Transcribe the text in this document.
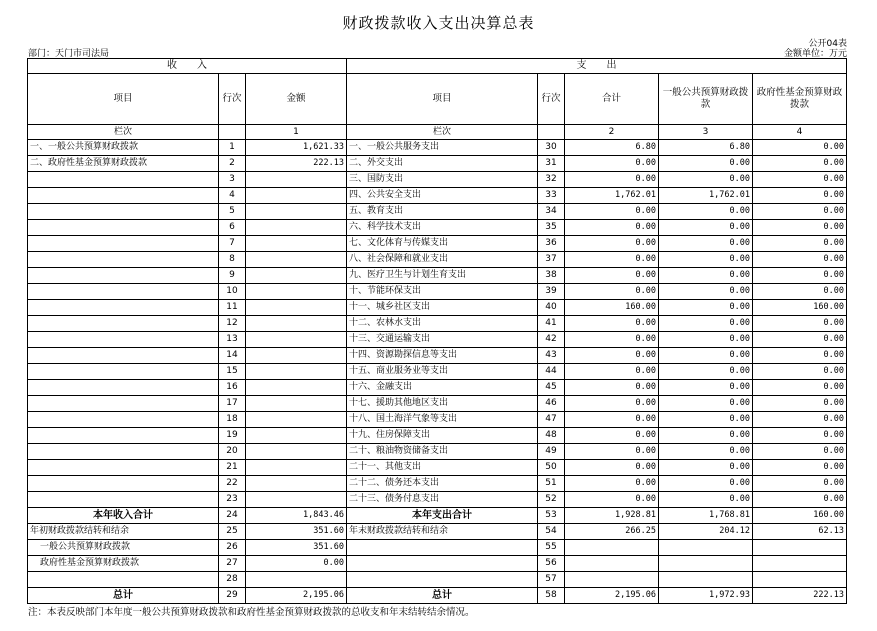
财政拨款收入支出决算总表
公开04表
部门：天门市司法局	金额单位：万元
收　　入			支　　出				
项目	行次	金额	项目	行次	合计	一般公共预算财政拨款	政府性基金预算财政拨款
栏次		1	栏次		2	3	4
一、一般公共预算财政拨款	1	1,621.33	一、一般公共服务支出	30	6.80	6.80	0.00
二、政府性基金预算财政拨款	2	222.13	二、外交支出	31	0.00	0.00	0.00
	3		三、国防支出	32	0.00	0.00	0.00
	4		四、公共安全支出	33	1,762.01	1,762.01	0.00
	5		五、教育支出	34	0.00	0.00	0.00
	6		六、科学技术支出	35	0.00	0.00	0.00
	7		七、文化体育与传媒支出	36	0.00	0.00	0.00
	8		八、社会保障和就业支出	37	0.00	0.00	0.00
	9		九、医疗卫生与计划生育支出	38	0.00	0.00	0.00
	10		十、节能环保支出	39	0.00	0.00	0.00
	11		十一、城乡社区支出	40	160.00	0.00	160.00
	12		十二、农林水支出	41	0.00	0.00	0.00
	13		十三、交通运输支出	42	0.00	0.00	0.00
	14		十四、资源勘探信息等支出	43	0.00	0.00	0.00
	15		十五、商业服务业等支出	44	0.00	0.00	0.00
	16		十六、金融支出	45	0.00	0.00	0.00
	17		十七、援助其他地区支出	46	0.00	0.00	0.00
	18		十八、国土海洋气象等支出	47	0.00	0.00	0.00
	19		十九、住房保障支出	48	0.00	0.00	0.00
	20		二十、粮油物资储备支出	49	0.00	0.00	0.00
	21		二十一、其他支出	50	0.00	0.00	0.00
	22		二十二、债务还本支出	51	0.00	0.00	0.00
	23		二十三、债务付息支出	52	0.00	0.00	0.00
本年收入合计	24	1,843.46	本年支出合计	53	1,928.81	1,768.81	160.00
年初财政拨款结转和结余	25	351.60	年末财政拨款结转和结余	54	266.25	204.12	62.13
一般公共预算财政拨款	26	351.60		55			
政府性基金预算财政拨款	27	0.00		56			
	28			57			
总计	29	2,195.06	总计	58	2,195.06	1,972.93	222.13
注：本表反映部门本年度一般公共预算财政拨款和政府性基金预算财政拨款的总收支和年末结转结余情况。
